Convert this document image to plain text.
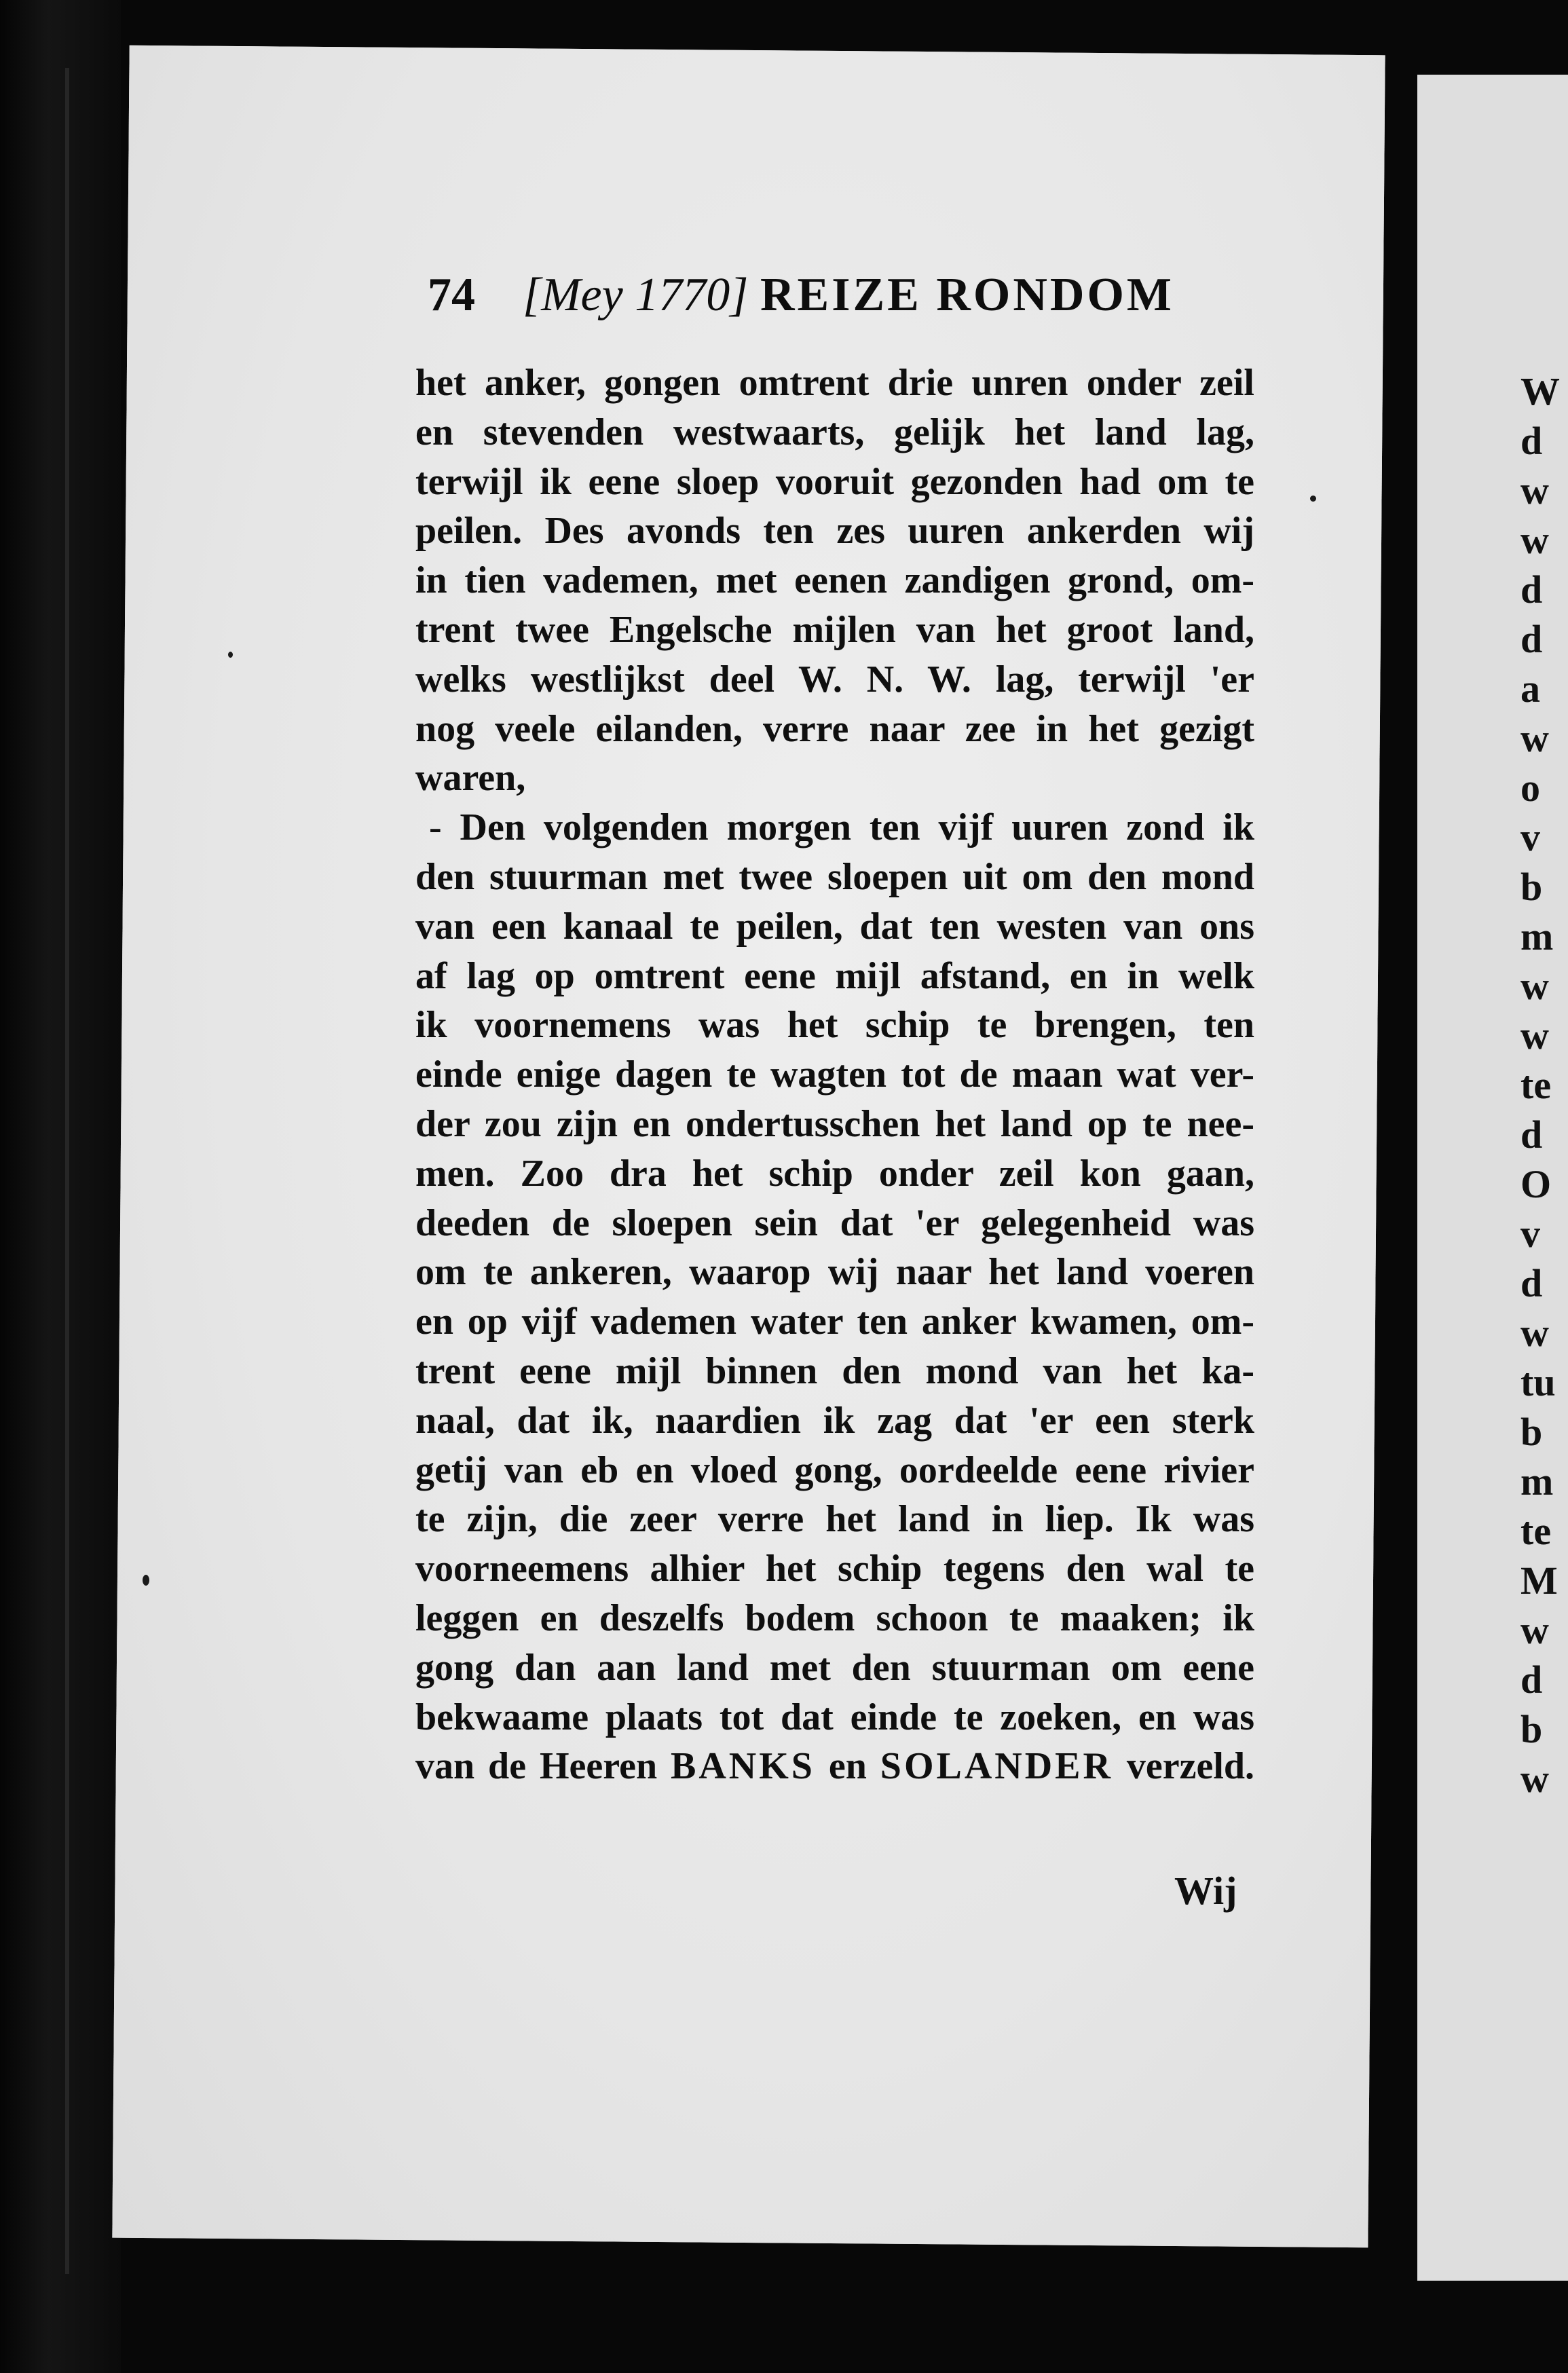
W
d
w
w
d
d
a
w
o
v
b
m
w
w
te
d
O
v
d
w
tu
b
m
te
M
w
d
b
w
74 [Mey 1770] REIZE RONDOM
het anker, gongen omtrent drie unren onder zeil
en stevenden westwaarts, gelijk het land lag,
terwijl ik eene sloep vooruit gezonden had om te
peilen. Des avonds ten zes uuren ankerden wij
in tien vademen, met eenen zandigen grond, om-
trent twee Engelsche mijlen van het groot land,
welks westlijkst deel W. N. W. lag, terwijl 'er
nog veele eilanden, verre naar zee in het gezigt
waren,
- Den volgenden morgen ten vijf uuren zond ik
den stuurman met twee sloepen uit om den mond
van een kanaal te peilen, dat ten westen van ons
af lag op omtrent eene mijl afstand, en in welk
ik voornemens was het schip te brengen, ten
einde enige dagen te wagten tot de maan wat ver-
der zou zijn en ondertusschen het land op te nee-
men. Zoo dra het schip onder zeil kon gaan,
deeden de sloepen sein dat 'er gelegenheid was
om te ankeren, waarop wij naar het land voeren
en op vijf vademen water ten anker kwamen, om-
trent eene mijl binnen den mond van het ka-
naal, dat ik, naardien ik zag dat 'er een sterk
getij van eb en vloed gong, oordeelde eene rivier
te zijn, die zeer verre het land in liep. Ik was
voorneemens alhier het schip tegens den wal te
leggen en deszelfs bodem schoon te maaken; ik
gong dan aan land met den stuurman om eene
bekwaame plaats tot dat einde te zoeken, en was
van de Heeren BANKS en SOLANDER verzeld.
Wij
